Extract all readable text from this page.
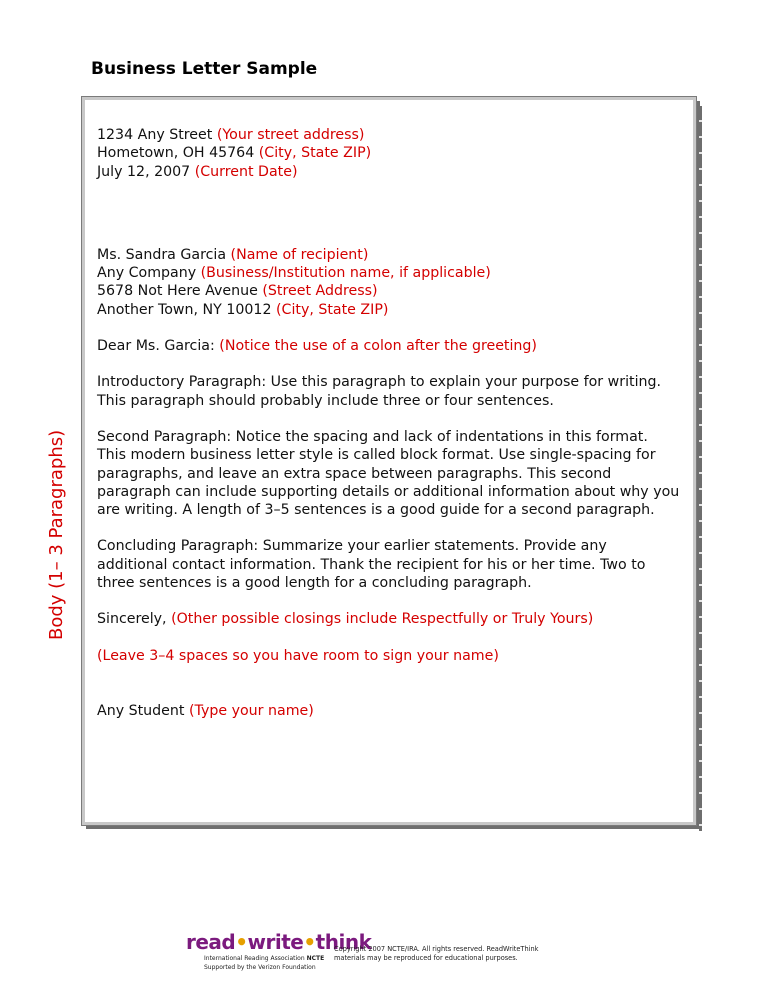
Business Letter Sample
Body (1– 3 Paragraphs)

1234 Any Street (Your street address)

Hometown, OH 45764 (City, State ZIP)

July 12, 2007 (Current Date)

Ms. Sandra Garcia (Name of recipient)

Any Company (Business/Institution name, if applicable)

5678 Not Here Avenue (Street Address)

Another Town, NY 10012 (City, State ZIP)

Dear Ms. Garcia: (Notice the use of a colon after the greeting)

Introductory Paragraph: Use this paragraph to explain your purpose for writing. This paragraph should probably include three or four sentences.

Second Paragraph: Notice the spacing and lack of indentations in this format. This modern business letter style is called block format. Use single-spacing for paragraphs, and leave an extra space between paragraphs. This second paragraph can include supporting details or additional information about why you are writing. A length of 3–5 sentences is a good guide for a second paragraph.

Concluding Paragraph: Summarize your earlier statements. Provide any additional contact information. Thank the recipient for his or her time. Two to three sentences is a good length for a concluding paragraph.

Sincerely, (Other possible closings include Respectfully or Truly Yours)

(Leave 3–4 spaces so you have room to sign your name)

Any Student (Type your name)

read•write•think
International Reading Association NCTE
Supported by the Verizon Foundation
Copyright 2007 NCTE/IRA. All rights reserved. ReadWriteThink materials may be reproduced for educational purposes.
